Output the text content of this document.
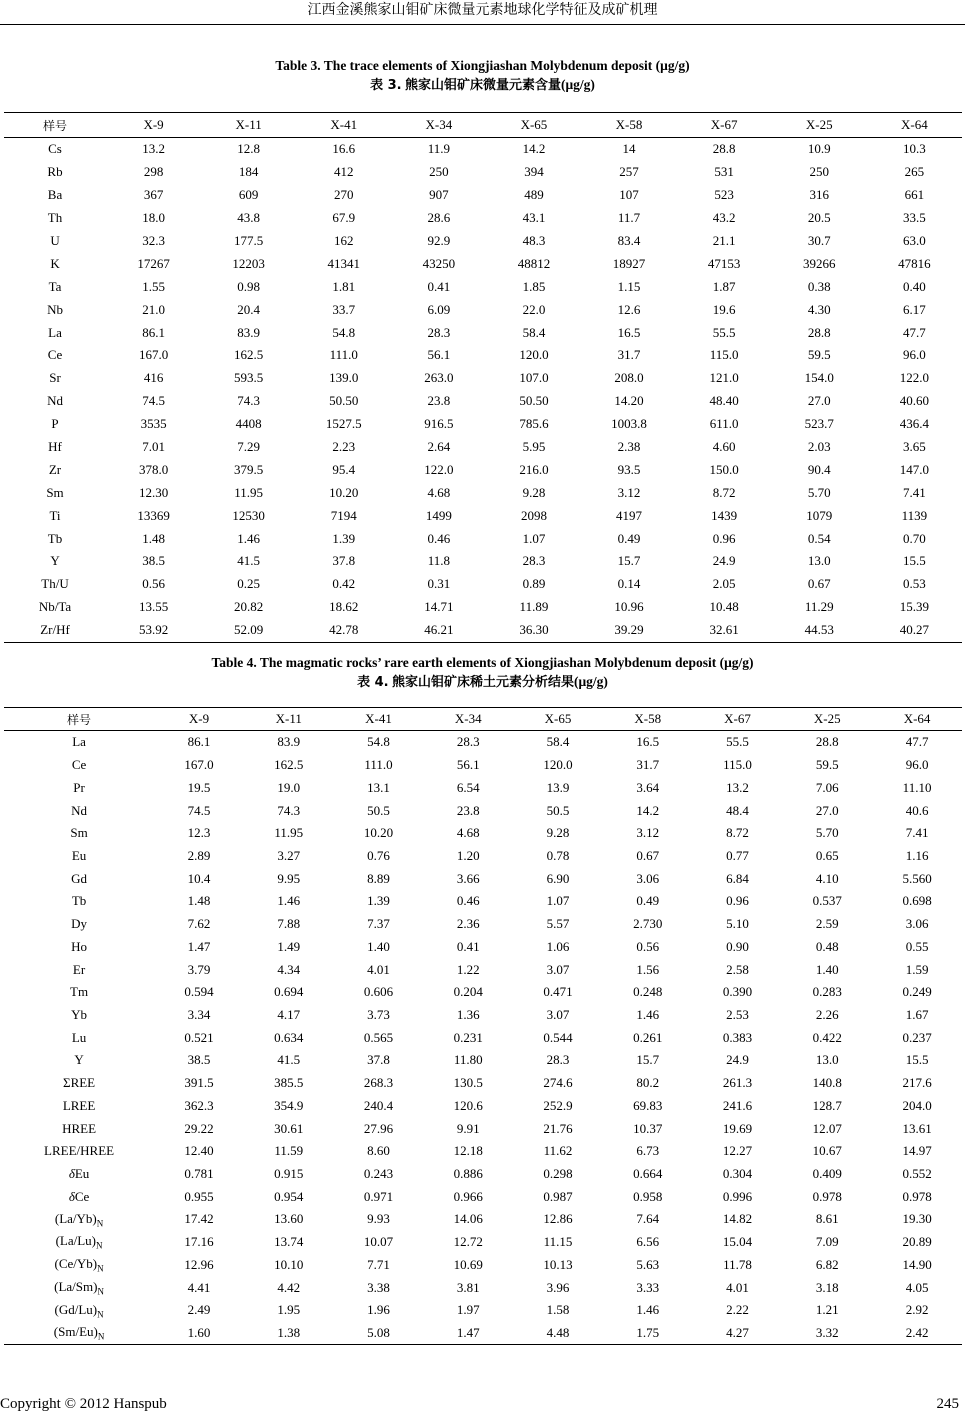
江西金溪熊家山钼矿床微量元素地球化学特征及成矿机理
Table 3. The trace elements of Xiongjiashan Molybdenum deposit (μg/g)
表 3. 熊家山钼矿床微量元素含量(μg/g)
样号	X-9	X-11	X-41	X-34	X-65	X-58	X-67	X-25	X-64
Cs	13.2	12.8	16.6	11.9	14.2	14	28.8	10.9	10.3
Rb	298	184	412	250	394	257	531	250	265
Ba	367	609	270	907	489	107	523	316	661
Th	18.0	43.8	67.9	28.6	43.1	11.7	43.2	20.5	33.5
U	32.3	177.5	162	92.9	48.3	83.4	21.1	30.7	63.0
K	17267	12203	41341	43250	48812	18927	47153	39266	47816
Ta	1.55	0.98	1.81	0.41	1.85	1.15	1.87	0.38	0.40
Nb	21.0	20.4	33.7	6.09	22.0	12.6	19.6	4.30	6.17
La	86.1	83.9	54.8	28.3	58.4	16.5	55.5	28.8	47.7
Ce	167.0	162.5	111.0	56.1	120.0	31.7	115.0	59.5	96.0
Sr	416	593.5	139.0	263.0	107.0	208.0	121.0	154.0	122.0
Nd	74.5	74.3	50.50	23.8	50.50	14.20	48.40	27.0	40.60
P	3535	4408	1527.5	916.5	785.6	1003.8	611.0	523.7	436.4
Hf	7.01	7.29	2.23	2.64	5.95	2.38	4.60	2.03	3.65
Zr	378.0	379.5	95.4	122.0	216.0	93.5	150.0	90.4	147.0
Sm	12.30	11.95	10.20	4.68	9.28	3.12	8.72	5.70	7.41
Ti	13369	12530	7194	1499	2098	4197	1439	1079	1139
Tb	1.48	1.46	1.39	0.46	1.07	0.49	0.96	0.54	0.70
Y	38.5	41.5	37.8	11.8	28.3	15.7	24.9	13.0	15.5
Th/U	0.56	0.25	0.42	0.31	0.89	0.14	2.05	0.67	0.53
Nb/Ta	13.55	20.82	18.62	14.71	11.89	10.96	10.48	11.29	15.39
Zr/Hf	53.92	52.09	42.78	46.21	36.30	39.29	32.61	44.53	40.27
Table 4. The magmatic rocks’ rare earth elements of Xiongjiashan Molybdenum deposit (μg/g)
表 4. 熊家山钼矿床稀土元素分析结果(μg/g)
样号	X-9	X-11	X-41	X-34	X-65	X-58	X-67	X-25	X-64
La	86.1	83.9	54.8	28.3	58.4	16.5	55.5	28.8	47.7
Ce	167.0	162.5	111.0	56.1	120.0	31.7	115.0	59.5	96.0
Pr	19.5	19.0	13.1	6.54	13.9	3.64	13.2	7.06	11.10
Nd	74.5	74.3	50.5	23.8	50.5	14.2	48.4	27.0	40.6
Sm	12.3	11.95	10.20	4.68	9.28	3.12	8.72	5.70	7.41
Eu	2.89	3.27	0.76	1.20	0.78	0.67	0.77	0.65	1.16
Gd	10.4	9.95	8.89	3.66	6.90	3.06	6.84	4.10	5.560
Tb	1.48	1.46	1.39	0.46	1.07	0.49	0.96	0.537	0.698
Dy	7.62	7.88	7.37	2.36	5.57	2.730	5.10	2.59	3.06
Ho	1.47	1.49	1.40	0.41	1.06	0.56	0.90	0.48	0.55
Er	3.79	4.34	4.01	1.22	3.07	1.56	2.58	1.40	1.59
Tm	0.594	0.694	0.606	0.204	0.471	0.248	0.390	0.283	0.249
Yb	3.34	4.17	3.73	1.36	3.07	1.46	2.53	2.26	1.67
Lu	0.521	0.634	0.565	0.231	0.544	0.261	0.383	0.422	0.237
Y	38.5	41.5	37.8	11.80	28.3	15.7	24.9	13.0	15.5
ΣREE	391.5	385.5	268.3	130.5	274.6	80.2	261.3	140.8	217.6
LREE	362.3	354.9	240.4	120.6	252.9	69.83	241.6	128.7	204.0
HREE	29.22	30.61	27.96	9.91	21.76	10.37	19.69	12.07	13.61
LREE/HREE	12.40	11.59	8.60	12.18	11.62	6.73	12.27	10.67	14.97
δEu	0.781	0.915	0.243	0.886	0.298	0.664	0.304	0.409	0.552
δCe	0.955	0.954	0.971	0.966	0.987	0.958	0.996	0.978	0.978
$(La/Yb)_N$	17.42	13.60	9.93	14.06	12.86	7.64	14.82	8.61	19.30
$(La/Lu)_N$	17.16	13.74	10.07	12.72	11.15	6.56	15.04	7.09	20.89
$(Ce/Yb)_N$	12.96	10.10	7.71	10.69	10.13	5.63	11.78	6.82	14.90
$(La/Sm)_N$	4.41	4.42	3.38	3.81	3.96	3.33	4.01	3.18	4.05
$(Gd/Lu)_N$	2.49	1.95	1.96	1.97	1.58	1.46	2.22	1.21	2.92
$(Sm/Eu)_N$	1.60	1.38	5.08	1.47	4.48	1.75	4.27	3.32	2.42
Copyright © 2012 Hanspub	245
